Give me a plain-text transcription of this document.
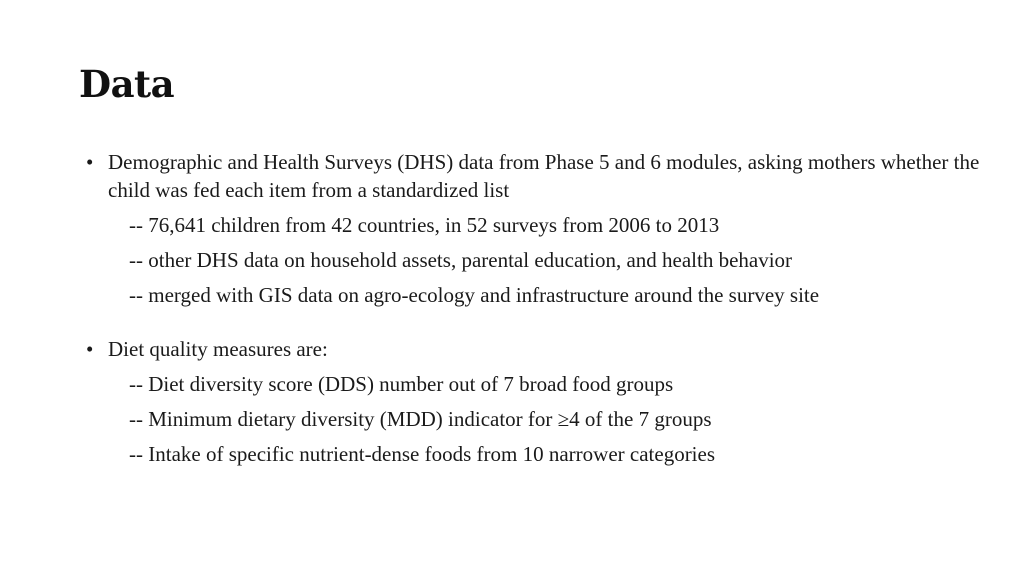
Data
• Demographic and Health Surveys (DHS) data from Phase 5 and 6 modules, asking mothers whether the child was fed each item from a standardized list
-- 76,641 children from 42 countries, in 52 surveys from 2006 to 2013
-- other DHS data on household assets, parental education, and health behavior
-- merged with GIS data on agro-ecology and infrastructure around the survey site
• Diet quality measures are:
-- Diet diversity score (DDS) number out of 7 broad food groups
-- Minimum dietary diversity (MDD) indicator for ≥4 of the 7 groups
-- Intake of specific nutrient-dense foods from 10 narrower categories
